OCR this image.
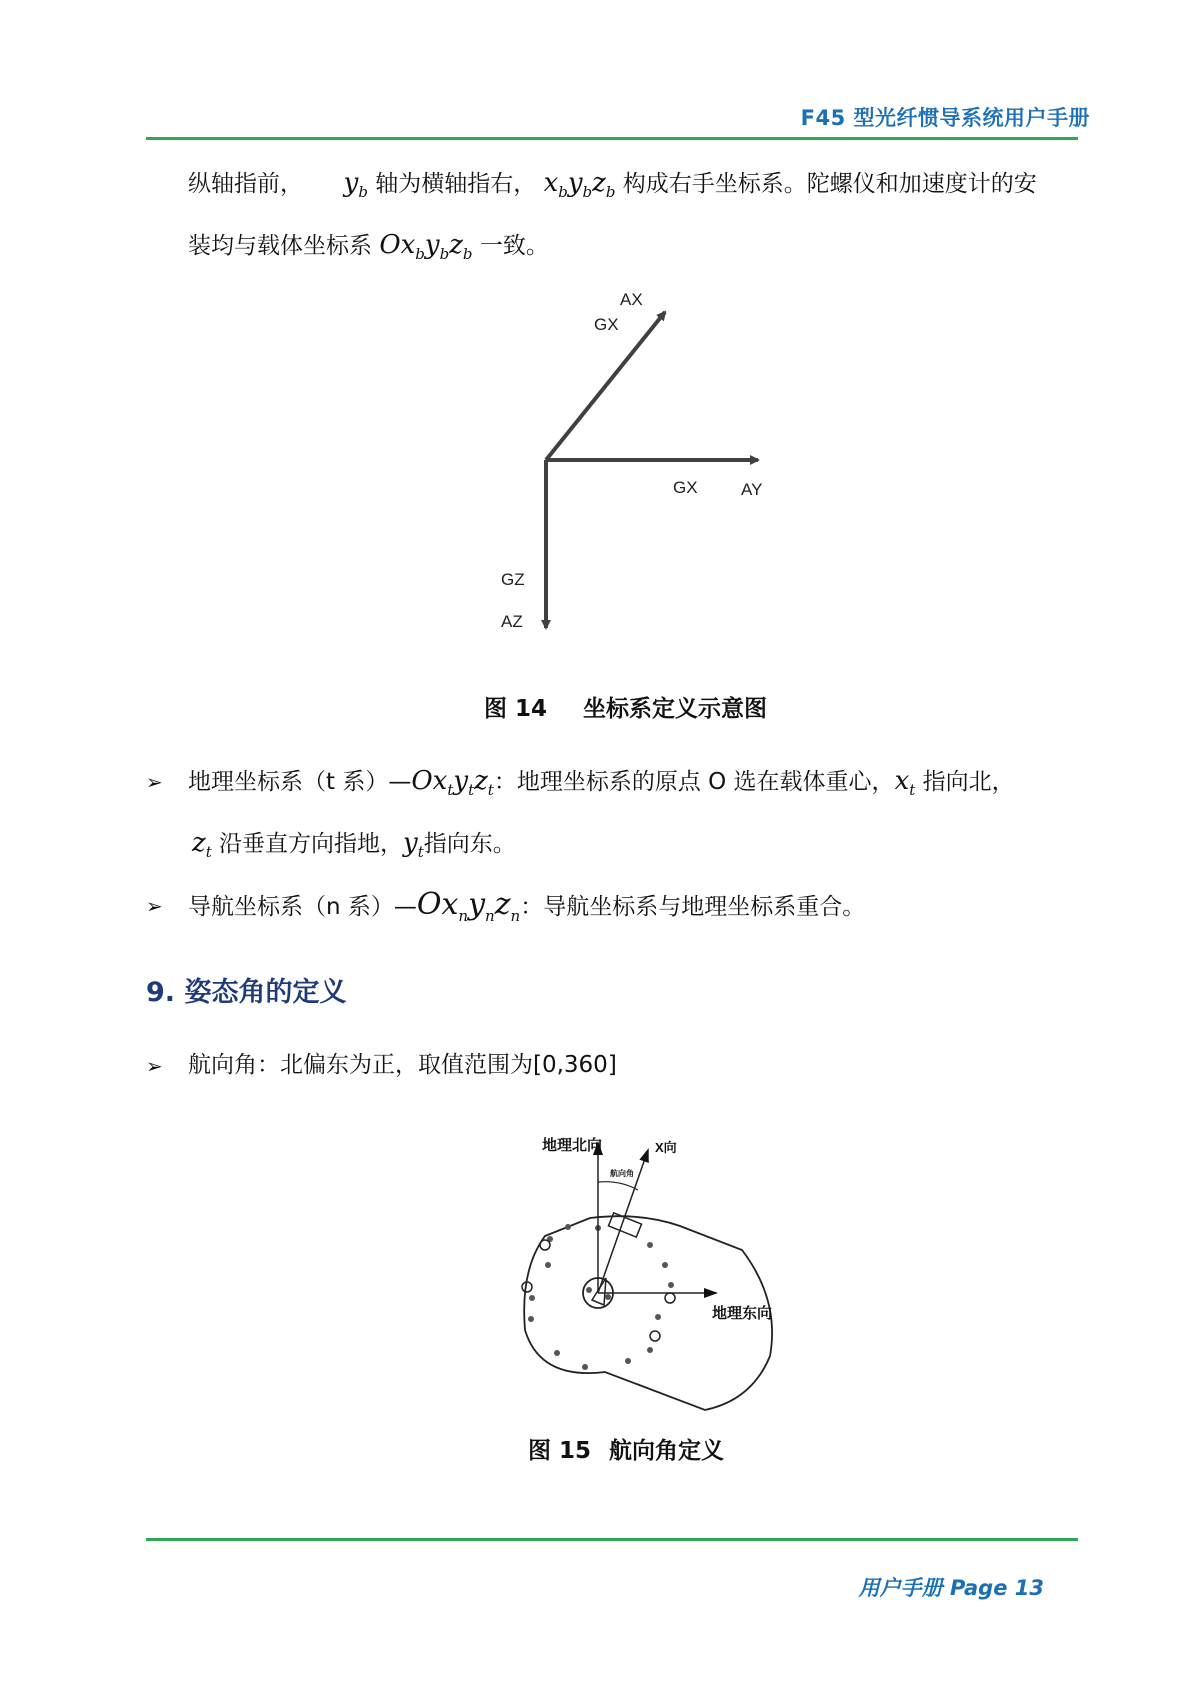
F45 型光纤惯导系统用户手册
纵轴指前， $y_b$ 轴为横轴指右， $x_by_bz_b$ 构成右手坐标系。陀螺仪和加速度计的安
装均与载体坐标系 $Ox_by_bz_b$ 一致。
AX
GX
GX	AY
GZ
AZ
图 14 坐标系定义示意图
➢ 地理坐标系（t 系）$—Ox_ty_tz_t$：地理坐标系的原点 O 选在载体重心，$x_t$ 指向北，
$z_t$ 沿垂直方向指地，$y_t$指向东。
➢ 导航坐标系（n 系）$—Ox_ny_nz_n$：导航坐标系与地理坐标系重合。
9. 姿态角的定义
➢ 航向角：北偏东为正，取值范围为[0,360]
地理北向	X向
航向角
地理东向
图 15 航向角定义
用户手册 Page 13
